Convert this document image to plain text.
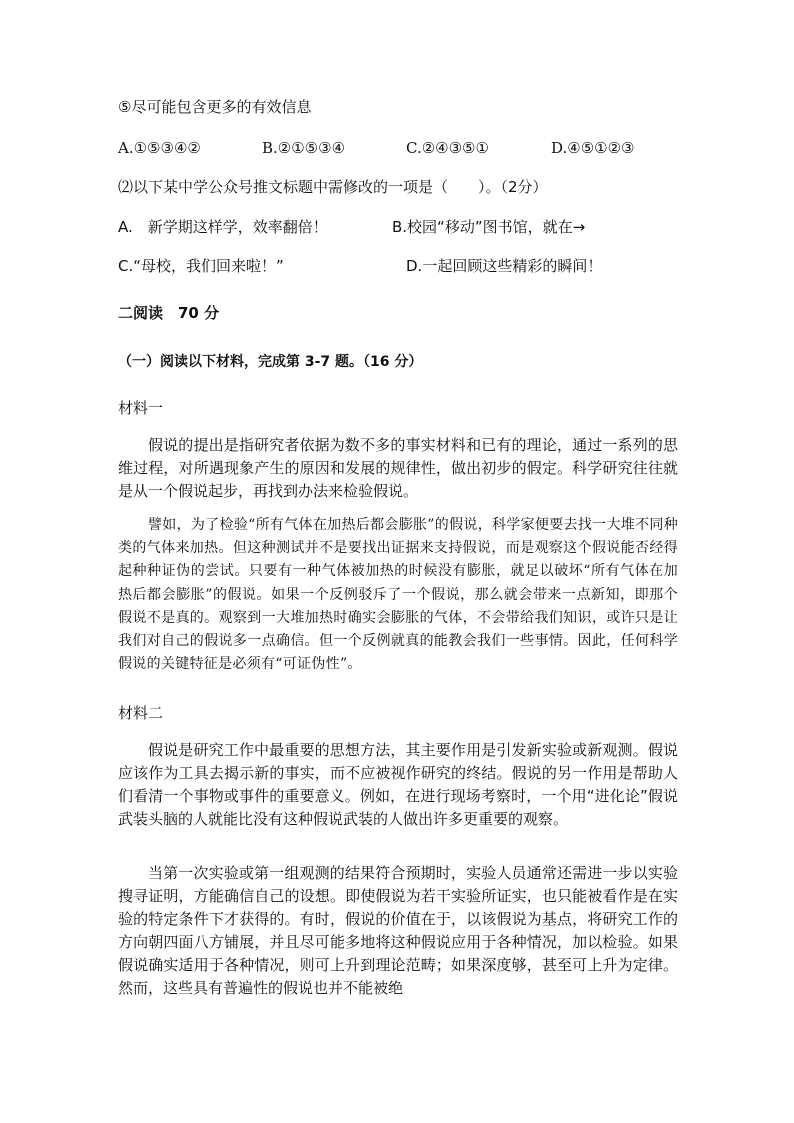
⑤尽可能包含更多的有效信息
A.①⑤③④②	B.②①⑤③④	C.②④③⑤①	D.④⑤①②③
⑵以下某中学公众号推文标题中需修改的一项是（　　）。（2分）
A.　新学期这样学，效率翻倍！	B.校园“移动”图书馆，就在→
C.“母校，我们回来啦！”	D.一起回顾这些精彩的瞬间！
二阅读　70 分
（一）阅读以下材料，完成第 3-7 题。（16 分）
材料一

假说的提出是指研究者依据为数不多的事实材料和已有的理论，通过一系列的思维过程，对所遇现象产生的原因和发展的规律性，做出初步的假定。科学研究往往就是从一个假说起步，再找到办法来检验假说。

譬如，为了检验“所有气体在加热后都会膨胀”的假说，科学家便要去找一大堆不同种类的气体来加热。但这种测试并不是要找出证据来支持假说，而是观察这个假说能否经得起种种证伪的尝试。只要有一种气体被加热的时候没有膨胀，就足以破坏“所有气体在加热后都会膨胀”的假说。如果一个反例驳斥了一个假说，那么就会带来一点新知，即那个假说不是真的。观察到一大堆加热时确实会膨胀的气体，不会带给我们知识，或许只是让我们对自己的假说多一点确信。但一个反例就真的能教会我们一些事情。因此，任何科学假说的关键特征是必须有“可证伪性”。

材料二

假说是研究工作中最重要的思想方法，其主要作用是引发新实验或新观测。假说应该作为工具去揭示新的事实，而不应被视作研究的终结。假说的另一作用是帮助人们看清一个事物或事件的重要意义。例如，在进行现场考察时，一个用“进化论”假说武装头脑的人就能比没有这种假说武装的人做出许多更重要的观察。

当第一次实验或第一组观测的结果符合预期时，实验人员通常还需进一步以实验搜寻证明，方能确信自己的设想。即使假说为若干实验所证实，也只能被看作是在实验的特定条件下才获得的。有时，假说的价值在于，以该假说为基点，将研究工作的方向朝四面八方铺展，并且尽可能多地将这种假说应用于各种情况，加以检验。如果假说确实适用于各种情况，则可上升到理论范畴；如果深度够，甚至可上升为定律。然而，这些具有普遍性的假说也并不能被绝
